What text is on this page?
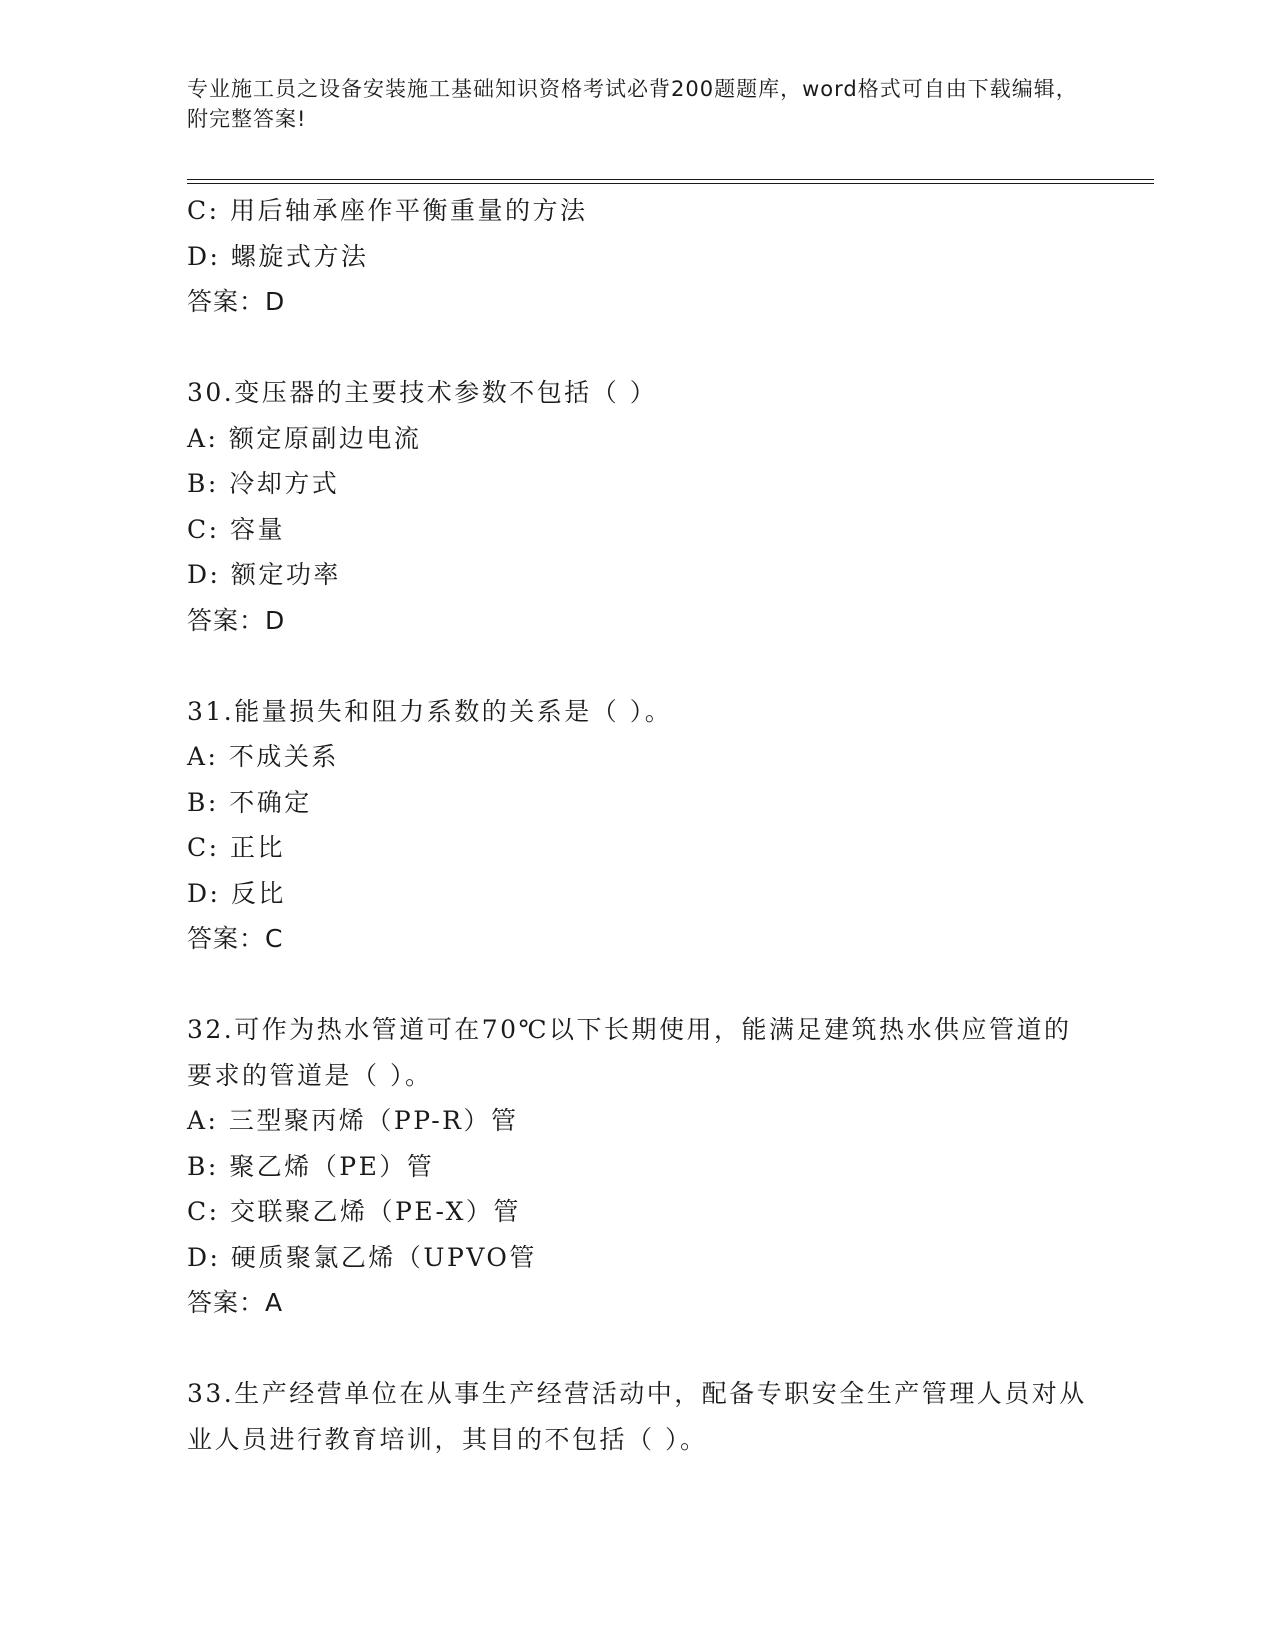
专业施工员之设备安装施工基础知识资格考试必背200题题库，word格式可自由下载编辑，附完整答案!
C: 用后轴承座作平衡重量的方法
D: 螺旋式方法
答案：D
30.变压器的主要技术参数不包括（ ）
A: 额定原副边电流
B: 冷却方式
C: 容量
D: 额定功率
答案：D
31.能量损失和阻力系数的关系是（ ）。
A: 不成关系
B: 不确定
C: 正比
D: 反比
答案：C
32.可作为热水管道可在70℃以下长期使用，能满足建筑热水供应管道的要求的管道是（ ）。
A: 三型聚丙烯（PP-R）管
B: 聚乙烯（PE）管
C: 交联聚乙烯（PE-X）管
D: 硬质聚氯乙烯（UPVO管
答案：A
33.生产经营单位在从事生产经营活动中，配备专职安全生产管理人员对从业人员进行教育培训，其目的不包括（ ）。
